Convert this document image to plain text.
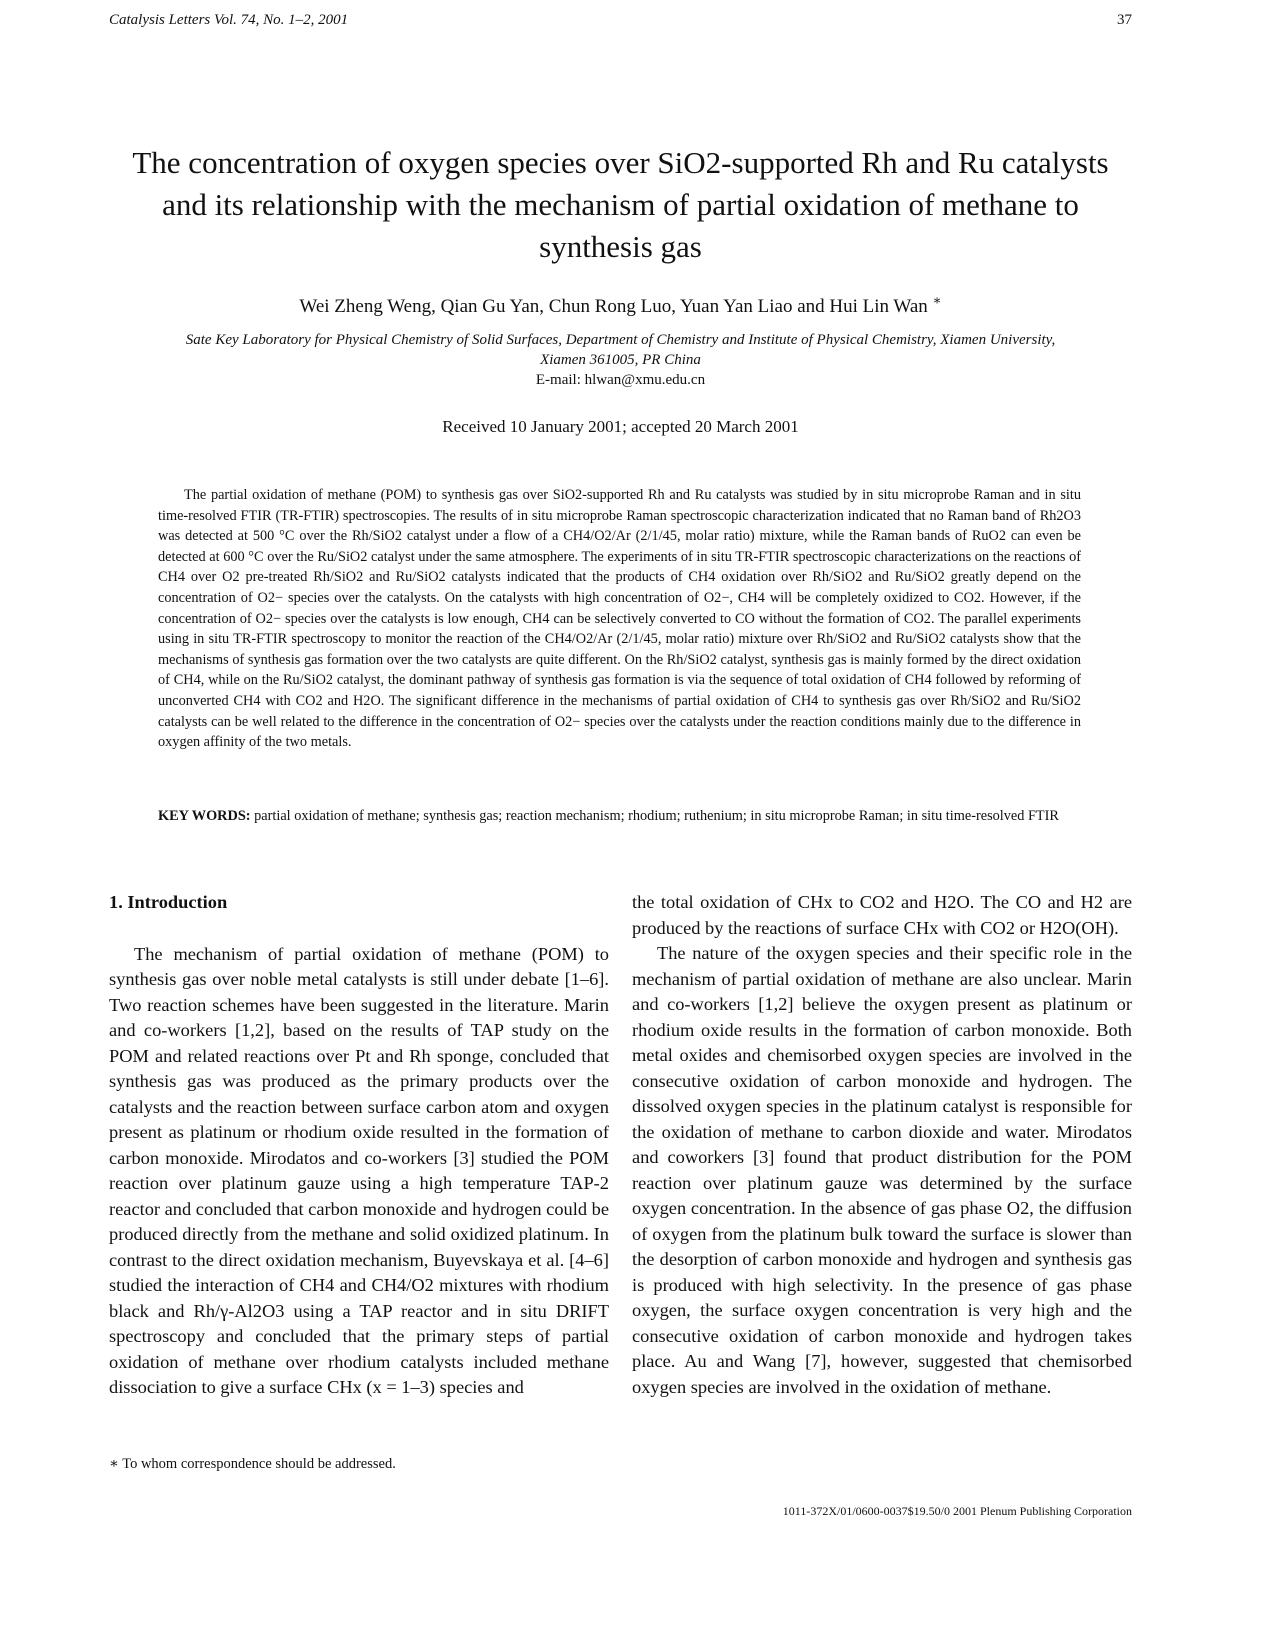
Catalysis Letters Vol. 74, No. 1–2, 2001	37
The concentration of oxygen species over SiO2-supported Rh and Ru catalysts and its relationship with the mechanism of partial oxidation of methane to synthesis gas
Wei Zheng Weng, Qian Gu Yan, Chun Rong Luo, Yuan Yan Liao and Hui Lin Wan ∗
Sate Key Laboratory for Physical Chemistry of Solid Surfaces, Department of Chemistry and Institute of Physical Chemistry, Xiamen University,
Xiamen 361005, PR China
E-mail: hlwan@xmu.edu.cn
Received 10 January 2001; accepted 20 March 2001

The partial oxidation of methane (POM) to synthesis gas over SiO2-supported Rh and Ru catalysts was studied by in situ microprobe Raman and in situ time-resolved FTIR (TR-FTIR) spectroscopies. The results of in situ microprobe Raman spectroscopic characterization indicated that no Raman band of Rh2O3 was detected at 500 °C over the Rh/SiO2 catalyst under a flow of a CH4/O2/Ar (2/1/45, molar ratio) mixture, while the Raman bands of RuO2 can even be detected at 600 °C over the Ru/SiO2 catalyst under the same atmosphere. The experiments of in situ TR-FTIR spectroscopic characterizations on the reactions of CH4 over O2 pre-treated Rh/SiO2 and Ru/SiO2 catalysts indicated that the products of CH4 oxidation over Rh/SiO2 and Ru/SiO2 greatly depend on the concentration of O2− species over the catalysts. On the catalysts with high concentration of O2−, CH4 will be completely oxidized to CO2. However, if the concentration of O2− species over the catalysts is low enough, CH4 can be selectively converted to CO without the formation of CO2. The parallel experiments using in situ TR-FTIR spectroscopy to monitor the reaction of the CH4/O2/Ar (2/1/45, molar ratio) mixture over Rh/SiO2 and Ru/SiO2 catalysts show that the mechanisms of synthesis gas formation over the two catalysts are quite different. On the Rh/SiO2 catalyst, synthesis gas is mainly formed by the direct oxidation of CH4, while on the Ru/SiO2 catalyst, the dominant pathway of synthesis gas formation is via the sequence of total oxidation of CH4 followed by reforming of unconverted CH4 with CO2 and H2O. The significant difference in the mechanisms of partial oxidation of CH4 to synthesis gas over Rh/SiO2 and Ru/SiO2 catalysts can be well related to the difference in the concentration of O2− species over the catalysts under the reaction conditions mainly due to the difference in oxygen affinity of the two metals.

KEY WORDS: partial oxidation of methane; synthesis gas; reaction mechanism; rhodium; ruthenium; in situ microprobe Raman; in situ time-resolved FTIR

1. Introduction

The mechanism of partial oxidation of methane (POM) to synthesis gas over noble metal catalysts is still under debate [1–6]. Two reaction schemes have been suggested in the literature. Marin and co-workers [1,2], based on the results of TAP study on the POM and related reactions over Pt and Rh sponge, concluded that synthesis gas was produced as the primary products over the catalysts and the reaction between surface carbon atom and oxygen present as platinum or rhodium oxide resulted in the formation of carbon monoxide. Mirodatos and co-workers [3] studied the POM reaction over platinum gauze using a high temperature TAP-2 reactor and concluded that carbon monoxide and hydrogen could be produced directly from the methane and solid oxidized platinum. In contrast to the direct oxidation mechanism, Buyevskaya et al. [4–6] studied the interaction of CH4 and CH4/O2 mixtures with rhodium black and Rh/γ-Al2O3 using a TAP reactor and in situ DRIFT spectroscopy and concluded that the primary steps of partial oxidation of methane over rhodium catalysts included methane dissociation to give a surface CHx (x = 1–3) species and

the total oxidation of CHx to CO2 and H2O. The CO and H2 are produced by the reactions of surface CHx with CO2 or H2O(OH).

The nature of the oxygen species and their specific role in the mechanism of partial oxidation of methane are also unclear. Marin and co-workers [1,2] believe the oxygen present as platinum or rhodium oxide results in the formation of carbon monoxide. Both metal oxides and chemisorbed oxygen species are involved in the consecutive oxidation of carbon monoxide and hydrogen. The dissolved oxygen species in the platinum catalyst is responsible for the oxidation of methane to carbon dioxide and water. Mirodatos and coworkers [3] found that product distribution for the POM reaction over platinum gauze was determined by the surface oxygen concentration. In the absence of gas phase O2, the diffusion of oxygen from the platinum bulk toward the surface is slower than the desorption of carbon monoxide and hydrogen and synthesis gas is produced with high selectivity. In the presence of gas phase oxygen, the surface oxygen concentration is very high and the consecutive oxidation of carbon monoxide and hydrogen takes place. Au and Wang [7], however, suggested that chemisorbed oxygen species are involved in the oxidation of methane.

∗ To whom correspondence should be addressed.
1011-372X/01/0600-0037$19.50/0 2001 Plenum Publishing Corporation
